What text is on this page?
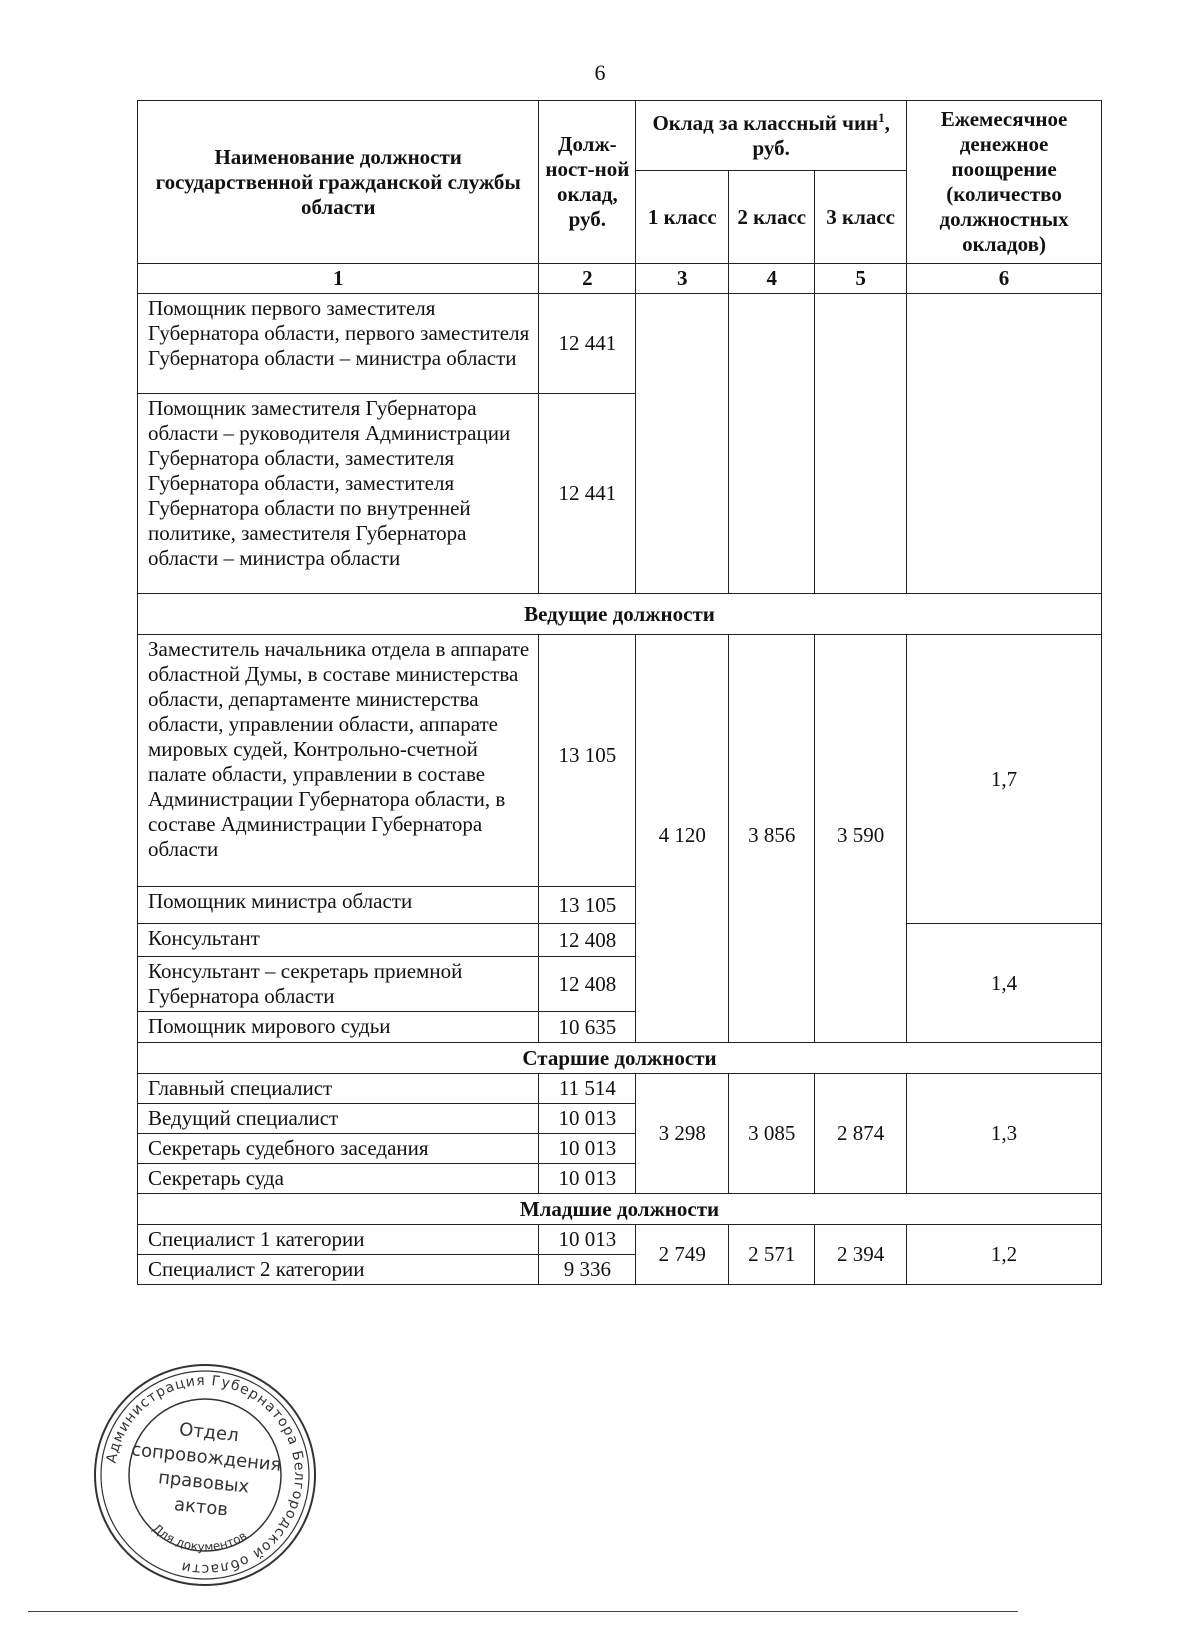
6
Наименование должности государственной гражданской службы области	Долж-ност-ной оклад, руб.	Оклад за классный чин$^1$, руб.			Ежемесячное денежное поощрение (количество должностных окладов)
		1 класс	2 класс	3 класс	
1	2	3	4	5	6
Помощник первого заместителя Губернатора области, первого заместителя Губернатора области – министра области	12 441				
Помощник заместителя Губернатора области – руководителя Администрации Губернатора области, заместителя Губернатора области, заместителя Губернатора области по внутренней политике, заместителя Губернатора области – министра области	12 441				
Ведущие должности					
Заместитель начальника отдела в аппарате областной Думы, в составе министерства области, департаменте министерства области, управлении области, аппарате мировых судей, Контрольно-счетной палате области, управлении в составе Администрации Губернатора области, в составе Администрации Губернатора области	13 105	4 120	3 856	3 590	1,7
Помощник министра области	13 105				
Консультант	12 408				1,4
Консультант – секретарь приемной Губернатора области	12 408				
Помощник мирового судьи	10 635				
Старшие должности					
Главный специалист	11 514	3 298	3 085	2 874	1,3
Ведущий специалист	10 013				
Секретарь судебного заседания	10 013				
Секретарь суда	10 013				
Младшие должности					
Специалист 1 категории	10 013	2 749	2 571	2 394	1,2
Специалист 2 категории	9 336				
Администрация Губернатора Белгородской области
Для документов
Отдел
сопровождения
правовых
актов
